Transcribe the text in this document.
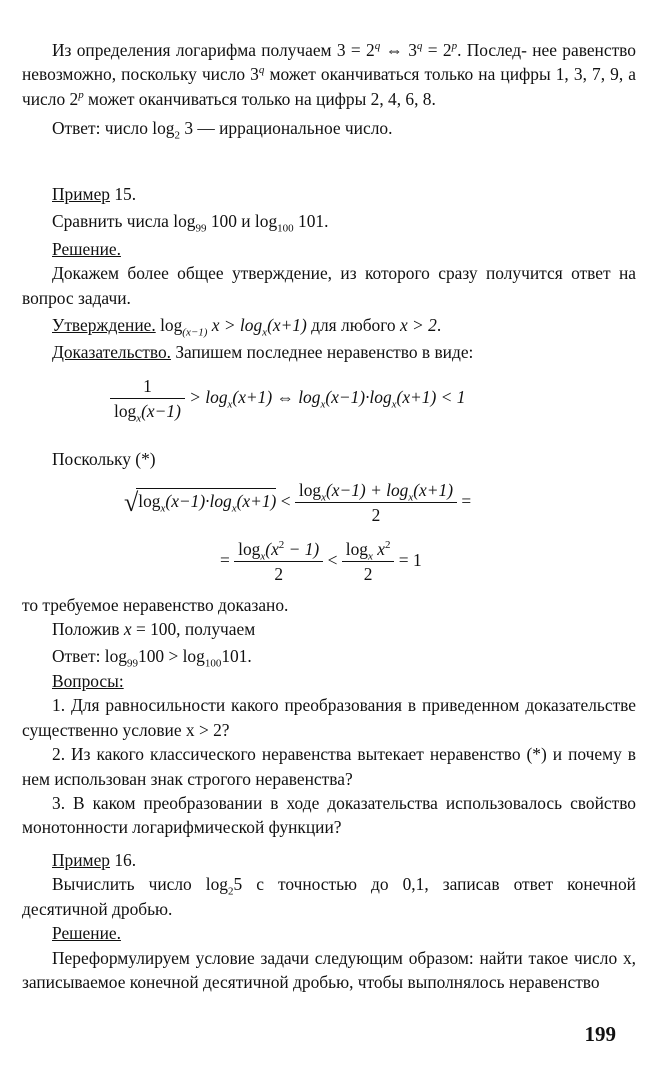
Из определения логарифма получаем $3 = 2^q$ ⇔ $3^q = 2^p$. Послед- нее равенство невозможно, поскольку число 3$^q$ может оканчиваться только на цифры 1, 3, 7, 9, а число 2$^p$ может оканчиваться только на цифры 2, 4, 6, 8.

Ответ: число $\log_2 3$ — иррациональное число.

Пример 15.

Сравнить числа $\log_{99} 100$ и $\log_{100} 101$.

Решение.

Докажем более общее утверждение, из которого сразу получится ответ на вопрос задачи.

Утверждение. $\log_{(x-1)} x > \log_x(x+1)$ для любого x > 2.

Доказательство. Запишем последнее неравенство в виде:

$\frac{1}{\log_x(x-1)} > \log_x(x+1)$ ⇔ $\log_x(x-1)\cdot\log_x(x+1) < 1$

Поскольку (*)

$√\log_x(x-1)\cdot\log_x(x+1) < \frac{\log_x(x-1) + \log_x(x+1)}{2}$ =
= $\frac{\log_x(x^2 - 1)}{2} < \frac{\log_x x^2}{2} = 1$

то требуемое неравенство доказано.

Положив x = 100, получаем

Ответ: $\log_{99}100 > \log_{100}101$.

Вопросы:

1. Для равносильности какого преобразования в приведенном доказательстве существенно условие x > 2?

2. Из какого классического неравенства вытекает неравенство (*) и почему в нем использован знак строгого неравенства?

3. В каком преобразовании в ходе доказательства использовалось свойство монотонности логарифмической функции?

Пример 16.

Вычислить число $\log_25$ с точностью до 0,1, записав ответ конечной десятичной дробью.

Решение.

Переформулируем условие задачи следующим образом: найти такое число x, записываемое конечной десятичной дробью, чтобы выполнялось неравенство

199
